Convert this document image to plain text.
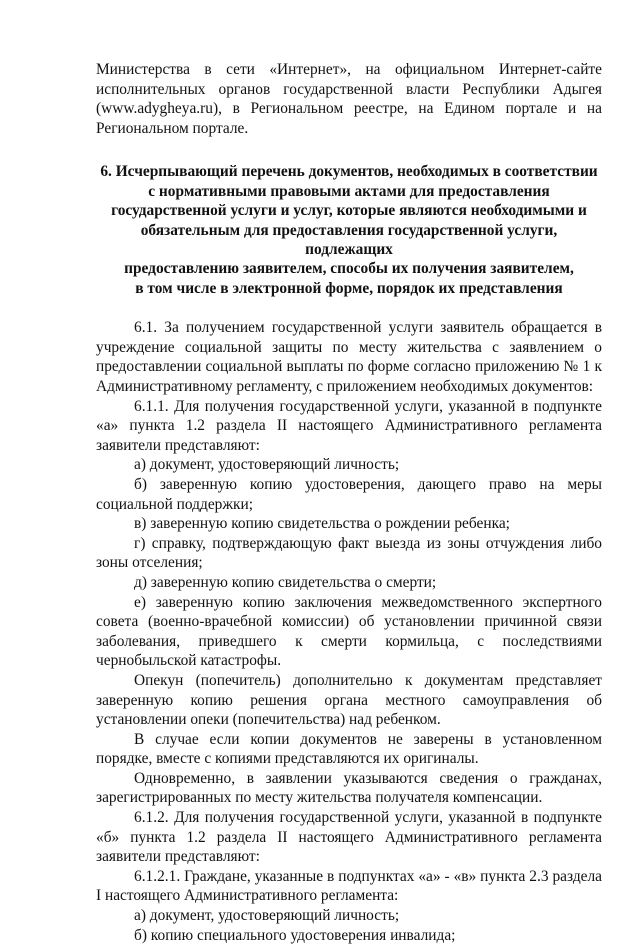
Министерства в сети «Интернет», на официальном Интернет-сайте исполнительных органов государственной власти Республики Адыгея (www.adygheya.ru), в Региональном реестре, на Едином портале и на Региональном портале.

6. Исчерпывающий перечень документов, необходимых в соответствии
с нормативными правовыми актами для предоставления
государственной услуги и услуг, которые являются необходимыми и
обязательным для предоставления государственной услуги, подлежащих
предоставлению заявителем, способы их получения заявителем,
в том числе в электронной форме, порядок их представления

6.1. За получением государственной услуги заявитель обращается в учреждение социальной защиты по месту жительства с заявлением о предоставлении социальной выплаты по форме согласно приложению № 1 к Административному регламенту, с приложением необходимых документов:

6.1.1. Для получения государственной услуги, указанной в подпункте «а» пункта 1.2 раздела II настоящего Административного регламента заявители представляют:

а) документ, удостоверяющий личность;

б) заверенную копию удостоверения, дающего право на меры социальной поддержки;

в) заверенную копию свидетельства о рождении ребенка;

г) справку, подтверждающую факт выезда из зоны отчуждения либо зоны отселения;

д) заверенную копию свидетельства о смерти;

е) заверенную копию заключения межведомственного экспертного совета (военно-врачебной комиссии) об установлении причинной связи заболевания, приведшего к смерти кормильца, с последствиями чернобыльской катастрофы.

Опекун (попечитель) дополнительно к документам представляет заверенную копию решения органа местного самоуправления об установлении опеки (попечительства) над ребенком.

В случае если копии документов не заверены в установленном порядке, вместе с копиями представляются их оригиналы.

Одновременно, в заявлении указываются сведения о гражданах, зарегистрированных по месту жительства получателя компенсации.

6.1.2. Для получения государственной услуги, указанной в подпункте «б» пункта 1.2 раздела II настоящего Административного регламента заявители представляют:

6.1.2.1. Граждане, указанные в подпунктах «а» - «в» пункта 2.3 раздела I настоящего Административного регламента:

а) документ, удостоверяющий личность;

б) копию специального удостоверения инвалида;
